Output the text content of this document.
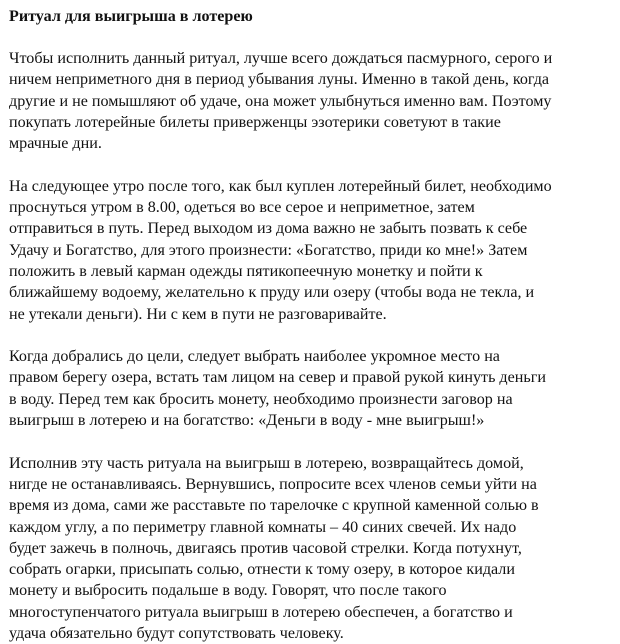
Ритуал для выигрыша в лотерею
Чтобы исполнить данный ритуал, лучше всего дождаться пасмурного, серого и
ничем неприметного дня в период убывания луны. Именно в такой день, когда
другие и не помышляют об удаче, она может улыбнуться именно вам. Поэтому
покупать лотерейные билеты приверженцы эзотерики советуют в такие
мрачные дни.
На следующее утро после того, как был куплен лотерейный билет, необходимо
проснуться утром в 8.00, одеться во все серое и неприметное, затем
отправиться в путь. Перед выходом из дома важно не забыть позвать к себе
Удачу и Богатство, для этого произнести: «Богатство, приди ко мне!» Затем
положить в левый карман одежды пятикопеечную монетку и пойти к
ближайшему водоему, желательно к пруду или озеру (чтобы вода не текла, и
не утекали деньги). Ни с кем в пути не разговаривайте.
Когда добрались до цели, следует выбрать наиболее укромное место на
правом берегу озера, встать там лицом на север и правой рукой кинуть деньги
в воду. Перед тем как бросить монету, необходимо произнести заговор на
выигрыш в лотерею и на богатство: «Деньги в воду - мне выигрыш!»
Исполнив эту часть ритуала на выигрыш в лотерею, возвращайтесь домой,
нигде не останавливаясь. Вернувшись, попросите всех членов семьи уйти на
время из дома, сами же расставьте по тарелочке с крупной каменной солью в
каждом углу, а по периметру главной комнаты – 40 синих свечей. Их надо
будет зажечь в полночь, двигаясь против часовой стрелки. Когда потухнут,
собрать огарки, присыпать солью, отнести к тому озеру, в которое кидали
монету и выбросить подальше в воду. Говорят, что после такого
многоступенчатого ритуала выигрыш в лотерею обеспечен, а богатство и
удача обязательно будут сопутствовать человеку.
